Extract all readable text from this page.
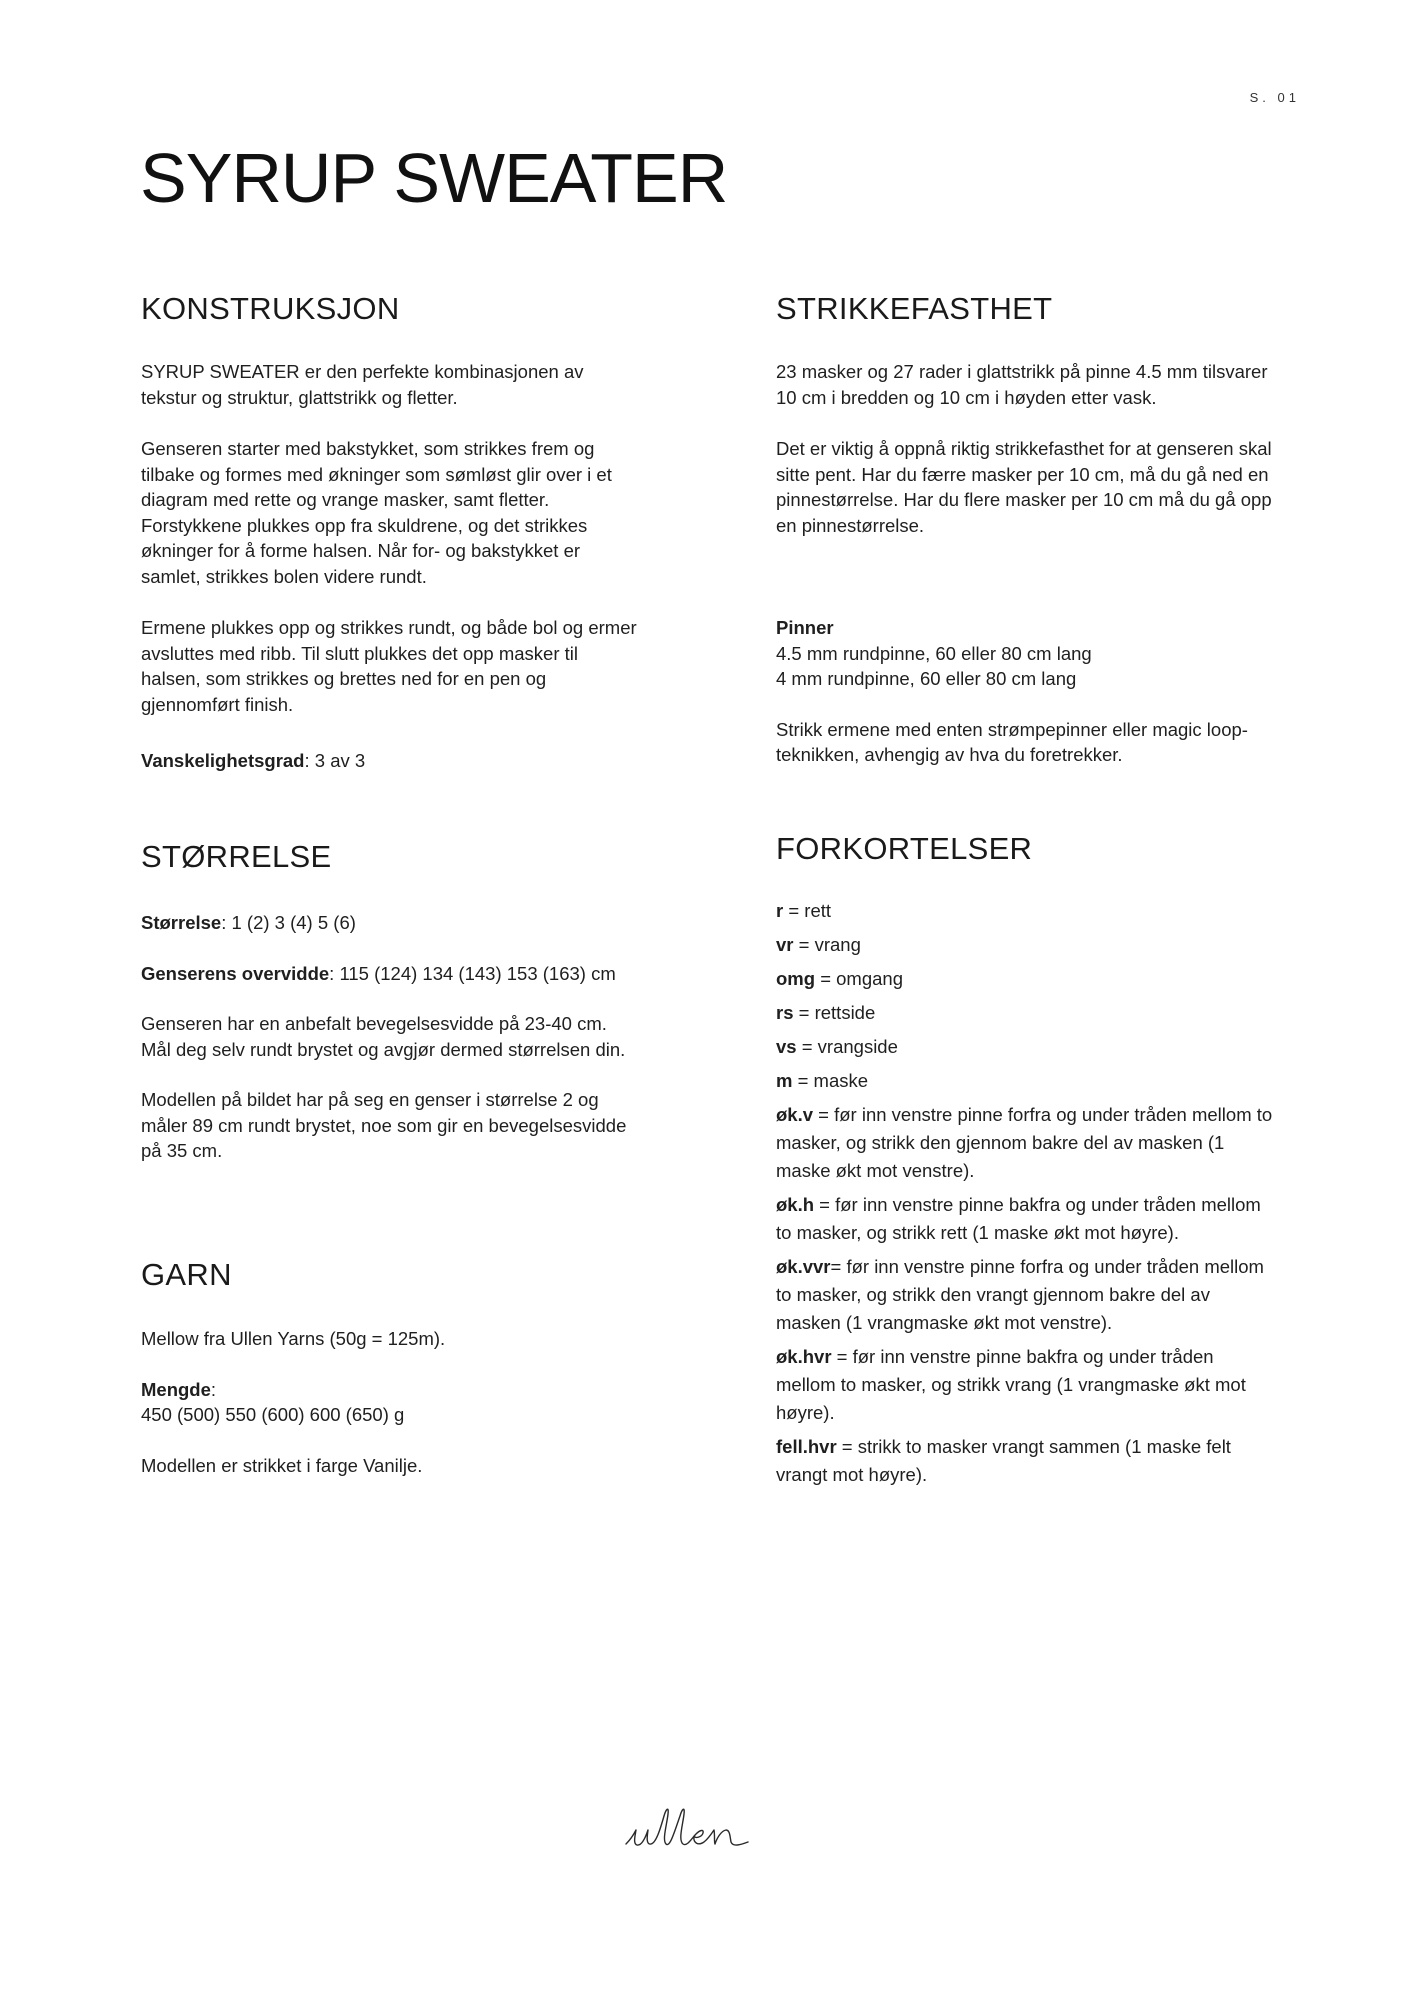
S. 01
SYRUP SWEATER
KONSTRUKSJON

SYRUP SWEATER er den perfekte kombinasjonen av tekstur og struktur, glattstrikk og fletter.

Genseren starter med bakstykket, som strikkes frem og tilbake og formes med økninger som sømløst glir over i et diagram med rette og vrange masker, samt fletter. Forstykkene plukkes opp fra skuldrene, og det strikkes økninger for å forme halsen. Når for- og bakstykket er samlet, strikkes bolen videre rundt.

Ermene plukkes opp og strikkes rundt, og både bol og ermer avsluttes med ribb. Til slutt plukkes det opp masker til halsen, som strikkes og brettes ned for en pen og gjennomført finish.

Vanskelighetsgrad: 3 av 3

STØRRELSE

Størrelse: 1 (2) 3 (4) 5 (6)

Genserens overvidde: 115 (124) 134 (143) 153 (163) cm

Genseren har en anbefalt bevegelsesvidde på 23-40 cm. Mål deg selv rundt brystet og avgjør dermed størrelsen din.

Modellen på bildet har på seg en genser i størrelse 2 og måler 89 cm rundt brystet, noe som gir en bevegelsesvidde på 35 cm.

GARN

Mellow fra Ullen Yarns (50g = 125m).

Mengde:

450 (500) 550 (600) 600 (650) g

Modellen er strikket i farge Vanilje.

STRIKKEFASTHET

23 masker og 27 rader i glattstrikk på pinne 4.5 mm tilsvarer 10 cm i bredden og 10 cm i høyden etter vask.

Det er viktig å oppnå riktig strikkefasthet for at genseren skal sitte pent. Har du færre masker per 10 cm, må du gå ned en pinnestørrelse. Har du flere masker per 10 cm må du gå opp en pinnestørrelse.

Pinner

4.5 mm rundpinne, 60 eller 80 cm lang

4 mm rundpinne, 60 eller 80 cm lang

Strikk ermene med enten strømpepinner eller magic loop-teknikken, avhengig av hva du foretrekker.

FORKORTELSER
r = rett
vr = vrang
omg = omgang
rs = rettside
vs = vrangside
m = maske
øk.v = før inn venstre pinne forfra og under tråden mellom to masker, og strikk den gjennom bakre del av masken (1 maske økt mot venstre).
øk.h = før inn venstre pinne bakfra og under tråden mellom to masker, og strikk rett (1 maske økt mot høyre).
øk.vvr= før inn venstre pinne forfra og under tråden mellom to masker, og strikk den vrangt gjennom bakre del av masken (1 vrangmaske økt mot venstre).
øk.hvr = før inn venstre pinne bakfra og under tråden mellom to masker, og strikk vrang (1 vrangmaske økt mot høyre).
fell.hvr = strikk to masker vrangt sammen (1 maske felt vrangt mot høyre).
